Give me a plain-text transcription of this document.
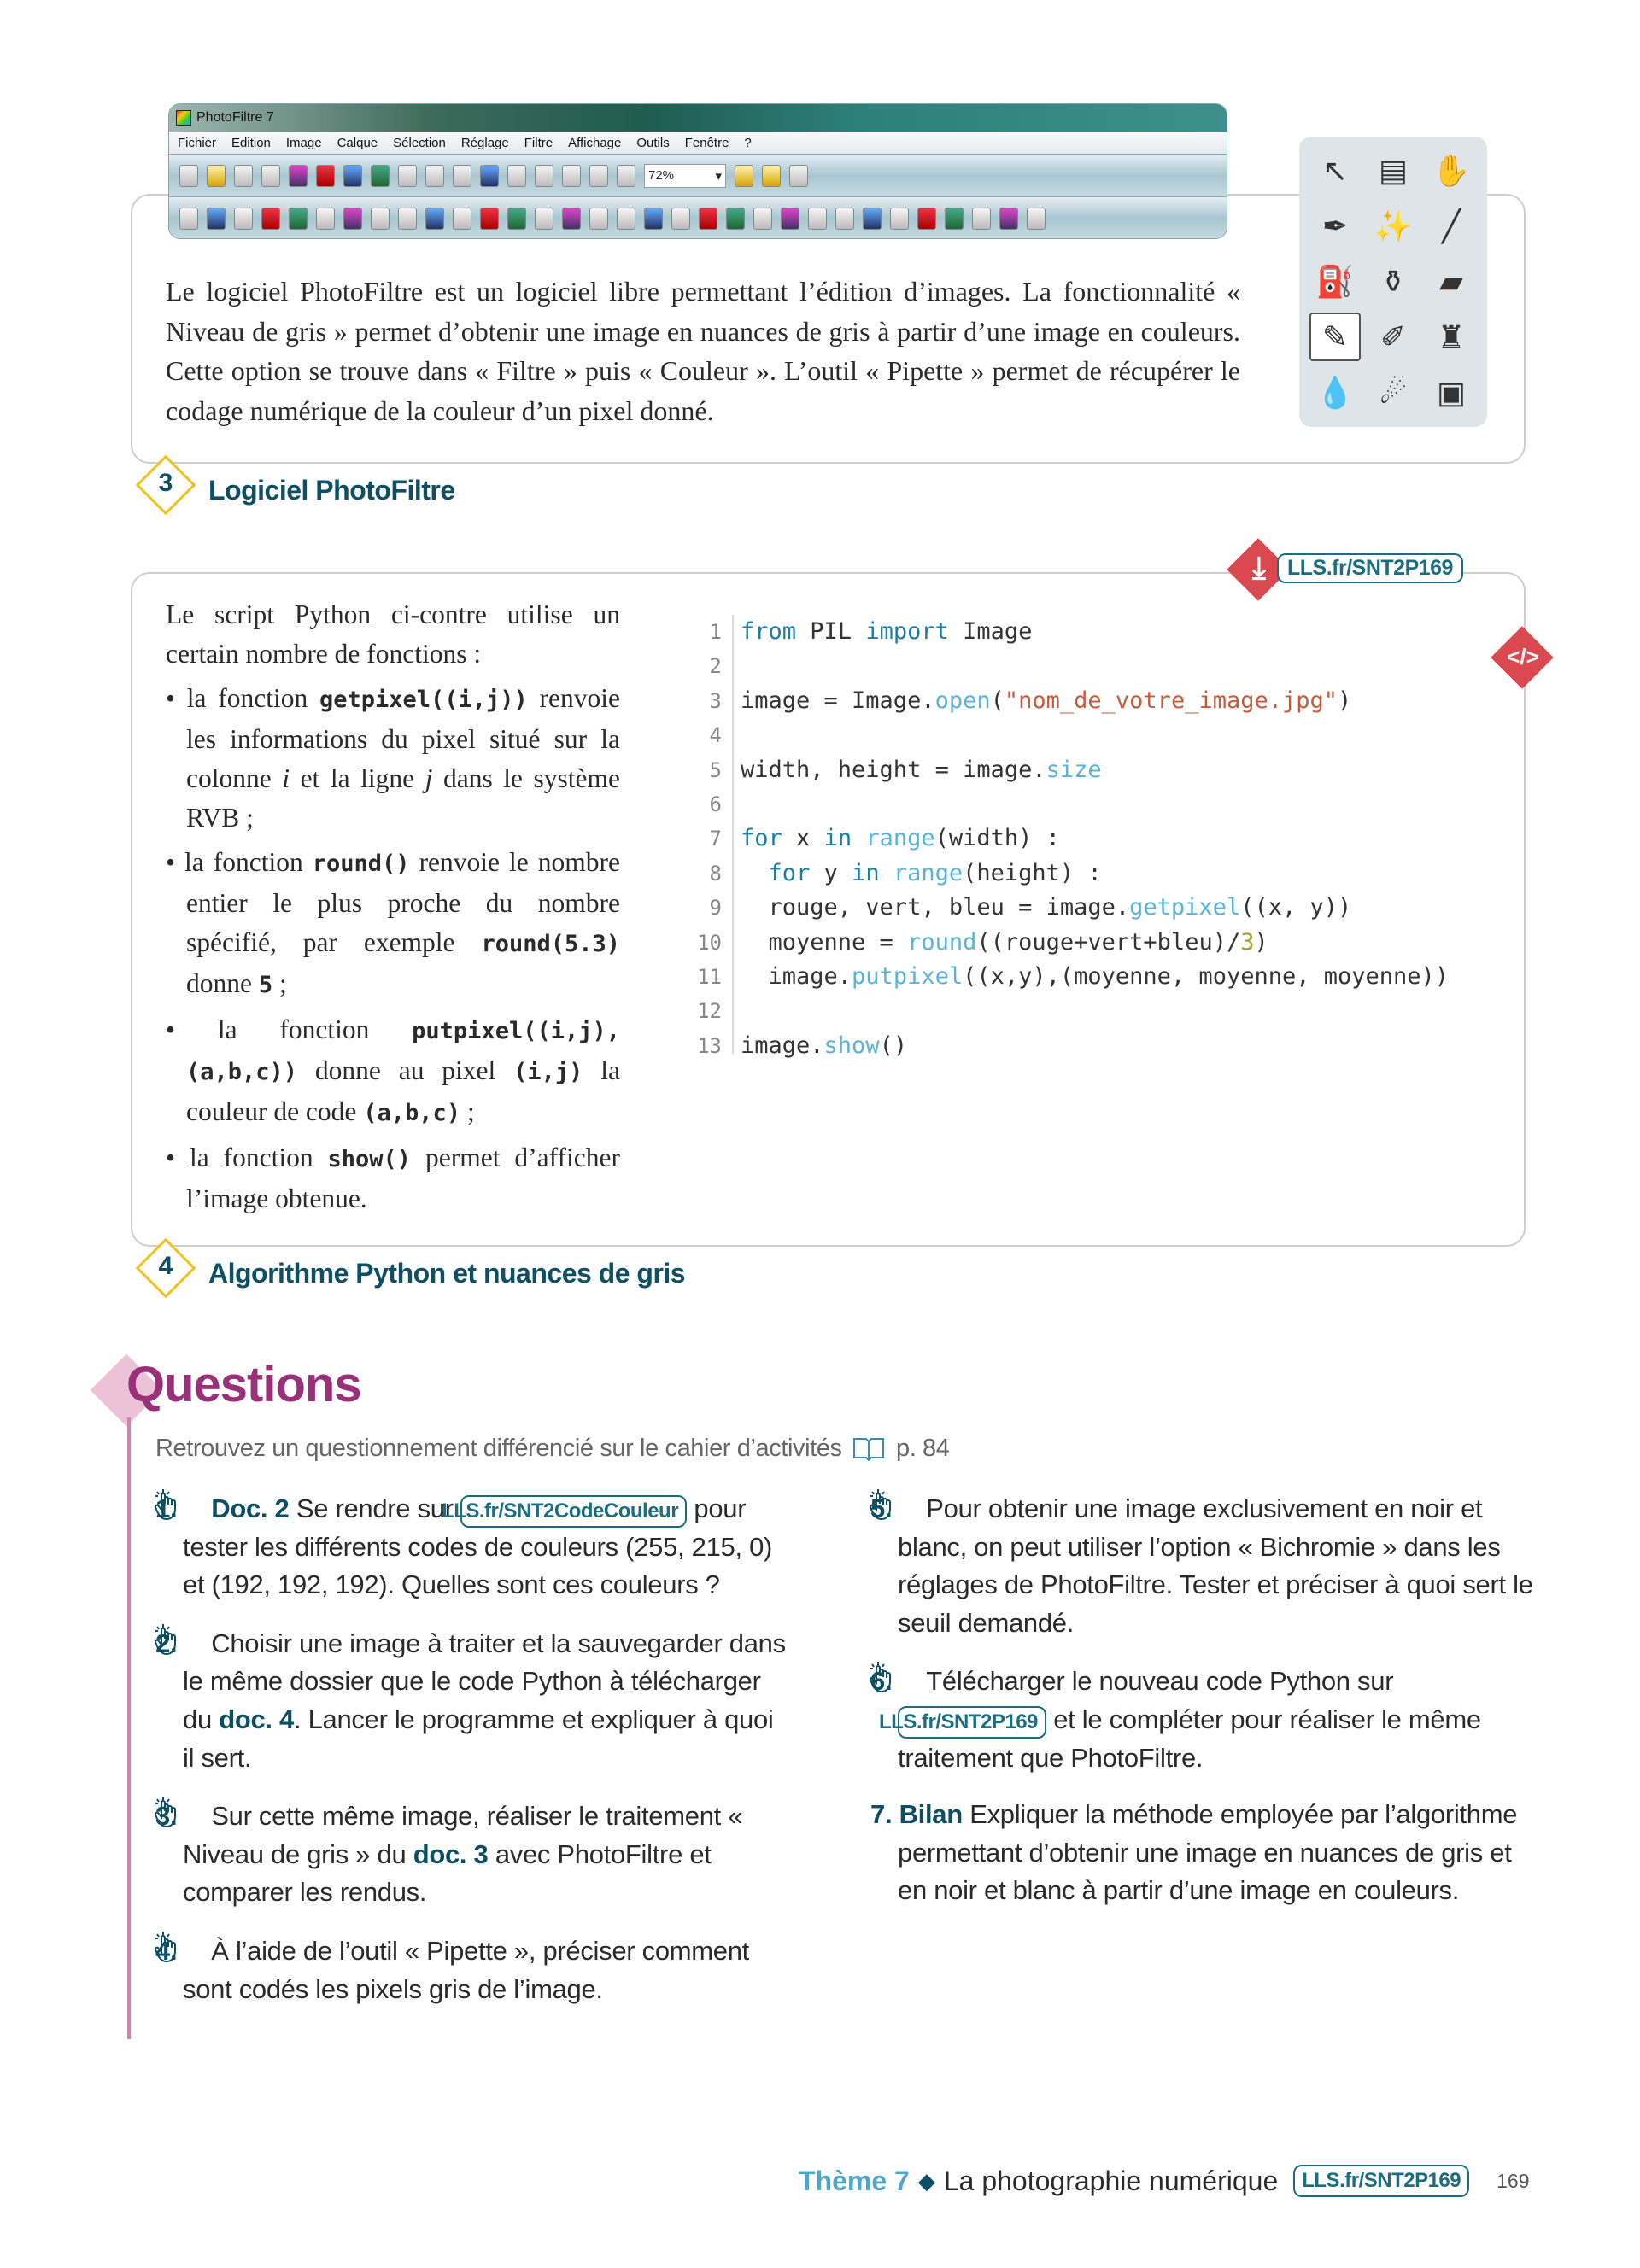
PhotoFiltre 7
Fichier Edition Image Calque Sélection Réglage Filtre Affichage Outils Fenêtre ?
72%	▾	↖ ▤ ✋
✒ ✨ ╱
⛽ ⚱	▰
✎	✐	♜
💧 ☄ ▣
Le logiciel PhotoFiltre est un logiciel libre permettant l’édition d’images. La fonctionnalité « Niveau de gris » permet d’obtenir une image en nuances de gris à partir d’une image en couleurs. Cette option se trouve dans « Filtre » puis « Couleur ». L’outil « Pipette » permet de récupérer le codage numérique de la couleur d’un pixel donné.
3	Logiciel PhotoFiltre
⤓	LLS.fr/SNT2P169
</>

Le script Python ci-contre utilise un certain nombre de fonctions :

• la fonction getpixel((i,j)) renvoie les informations du pixel situé sur la colonne i et la ligne j dans le système RVB ;

• la fonction round() renvoie le nombre entier le plus proche du nombre spécifié, par exemple round(5.3) donne 5 ;

• la fonction putpixel((i,j),(a,b,c)) donne au pixel (i,j) la couleur de code (a,b,c) ;

• la fonction show() permet d’afficher l’image obtenue.

1 from PIL import Image
2
3 image = Image.open("nom_de_votre_image.jpg")
4
5 width, height = image.size
6
7 for x in range(width) :
8 for y in range(height) :
9  rouge, vert, bleu = image.getpixel((x, y))
10  moyenne = round((rouge+vert+bleu)/3)
11  image.putpixel((x,y),(moyenne, moyenne, moyenne))
12
13 image.show()
4	Algorithme Python et nuances de gris
Questions
Retrouvez un questionnement différencié sur le cahier d’activités p. 84
1. Doc. 2 Se rendre sur LLS.fr/SNT2CodeCouleur pour tester les différents codes de couleurs (255, 215, 0) et (192, 192, 192). Quelles sont ces couleurs ?
2. Choisir une image à traiter et la sauvegarder dans le même dossier que le code Python à télécharger du doc. 4. Lancer le programme et expliquer à quoi il sert.
3. Sur cette même image, réaliser le traitement « Niveau de gris » du doc. 3 avec PhotoFiltre et comparer les rendus.
4. À l’aide de l’outil « Pipette », préciser comment sont codés les pixels gris de l’image.
5. Pour obtenir une image exclusivement en noir et blanc, on peut utiliser l’option « Bichromie » dans les réglages de PhotoFiltre. Tester et préciser à quoi sert le seuil demandé.
6. Télécharger le nouveau code Python sur LLS.fr/SNT2P169 et le compléter pour réaliser le même traitement que PhotoFiltre.
7. Bilan Expliquer la méthode employée par l’algorithme permettant d’obtenir une image en nuances de gris et en noir et blanc à partir d’une image en couleurs.
Thème 7 ◆ La photographie numérique	LLS.fr/SNT2P169	169
